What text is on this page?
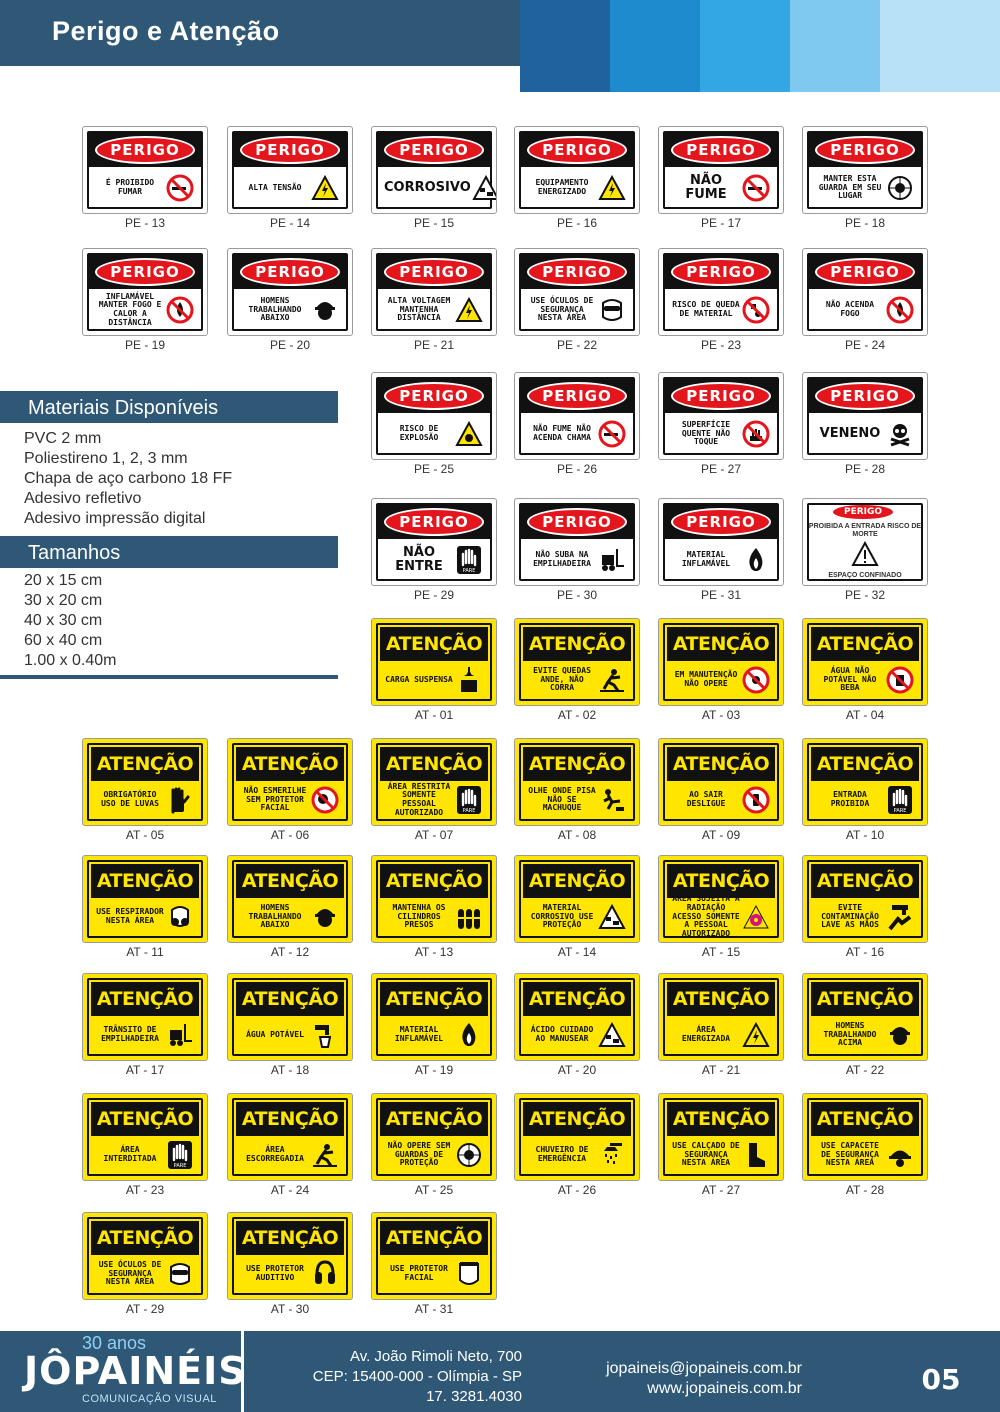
Perigo e Atenção
PERIGO
É PROIBIDO FUMAR
PE - 13
PERIGO
ALTA TENSÃO
PE - 14
PERIGO
CORROSIVO
PE - 15
PERIGO
EQUIPAMENTO ENERGIZADO
PE - 16
PERIGO
NÃO FUME
PE - 17
PERIGO
MANTER ESTA GUARDA EM SEU LUGAR
PE - 18
PERIGO
INFLAMÁVEL MANTER FOGO E CALOR A DISTÂNCIA
PE - 19
PERIGO
HOMENS TRABALHANDO ABAIXO
PE - 20
PERIGO
ALTA VOLTAGEM MANTENHA DISTÂNCIA
PE - 21
PERIGO
USE ÓCULOS DE SEGURANÇA NESTA ÁREA
PE - 22
PERIGO
RISCO DE QUEDA DE MATERIAL
PE - 23
PERIGO
NÃO ACENDA FOGO
PE - 24
PERIGO
RISCO DE EXPLOSÃO
PE - 25
PERIGO
NÃO FUME NÃO ACENDA CHAMA
PE - 26
PERIGO
SUPERFÍCIE QUENTE NÃO TOQUE
PE - 27
PERIGO
VENENO
PE - 28
PERIGO
NÃO ENTRE	PARE
PE - 29
PERIGO
NÃO SUBA NA EMPILHADEIRA
PE - 30
PERIGO
MATERIAL INFLAMÁVEL
PE - 31
PERIGO
PROIBIDA A ENTRADA RISCO DE MORTE
ESPAÇO CONFINADO
PE - 32
ATENÇÃO
CARGA SUSPENSA
AT - 01
ATENÇÃO
EVITE QUEDAS ANDE, NÃO CORRA
AT - 02
ATENÇÃO
EM MANUTENÇÃO NÃO OPERE
AT - 03
ATENÇÃO
ÁGUA NÃO POTÁVEL NÃO BEBA
AT - 04
ATENÇÃO
OBRIGATÓRIO USO DE LUVAS
AT - 05
ATENÇÃO
NÃO ESMERILHE SEM PROTETOR FACIAL
AT - 06
ATENÇÃO
ÁREA RESTRITA SOMENTE PESSOAL AUTORIZADO	PARE
AT - 07
ATENÇÃO
OLHE ONDE PISA NÃO SE MACHUQUE
AT - 08
ATENÇÃO
AO SAIR DESLIGUE
AT - 09
ATENÇÃO
ENTRADA PROIBIDA
PARE
AT - 10
ATENÇÃO
USE RESPIRADOR NESTA ÁREA
AT - 11
ATENÇÃO
HOMENS TRABALHANDO ABAIXO
AT - 12
ATENÇÃO
MANTENHA OS CILINDROS PRESOS
AT - 13
ATENÇÃO
MATERIAL CORROSIVO USE PROTEÇÃO
AT - 14
ATENÇÃO
ÁREA SUJEITA À RADIAÇÃO ACESSO SOMENTE A PESSOAL AUTORIZADO
AT - 15
ATENÇÃO
EVITE CONTAMINAÇÃO LAVE AS MÃOS
AT - 16
ATENÇÃO
TRÂNSITO DE EMPILHADEIRA
AT - 17
ATENÇÃO
ÁGUA POTÁVEL
AT - 18
ATENÇÃO
MATERIAL INFLAMÁVEL
AT - 19
ATENÇÃO
ÁCIDO CUIDADO AO MANUSEAR
AT - 20
ATENÇÃO
ÁREA ENERGIZADA
AT - 21
ATENÇÃO
HOMENS TRABALHANDO ACIMA
AT - 22
ATENÇÃO
ÁREA INTERDITADA
PARE
AT - 23
ATENÇÃO
ÁREA ESCORREGADIA
AT - 24
ATENÇÃO
NÃO OPERE SEM GUARDAS DE PROTEÇÃO
AT - 25
ATENÇÃO
CHUVEIRO DE EMERGÊNCIA
AT - 26
ATENÇÃO
USE CALÇADO DE SEGURANÇA NESTA ÁREA
AT - 27
ATENÇÃO
USE CAPACETE DE SEGURANÇA NESTA ÁREA
AT - 28
ATENÇÃO
USE ÓCULOS DE SEGURANÇA NESTA ÁREA
AT - 29
ATENÇÃO
USE PROTETOR AUDITIVO
AT - 30
ATENÇÃO
USE PROTETOR FACIAL
AT - 31
Materiais Disponíveis
PVC 2 mm
Poliestireno 1, 2, 3 mm
Chapa de aço carbono 18 FF
Adesivo refletivo
Adesivo impressão digital
Tamanhos
20 x 15 cm
30 x 20 cm
40 x 30 cm
60 x 40 cm
1.00 x 0.40m
30 anos
JÔPAINÉIS
COMUNICAÇÃO VISUAL
Av. João Rimoli Neto, 700
CEP: 15400-000 - Olímpia - SP
17. 3281.4030
jopaineis@jopaineis.com.br
www.jopaineis.com.br	05
